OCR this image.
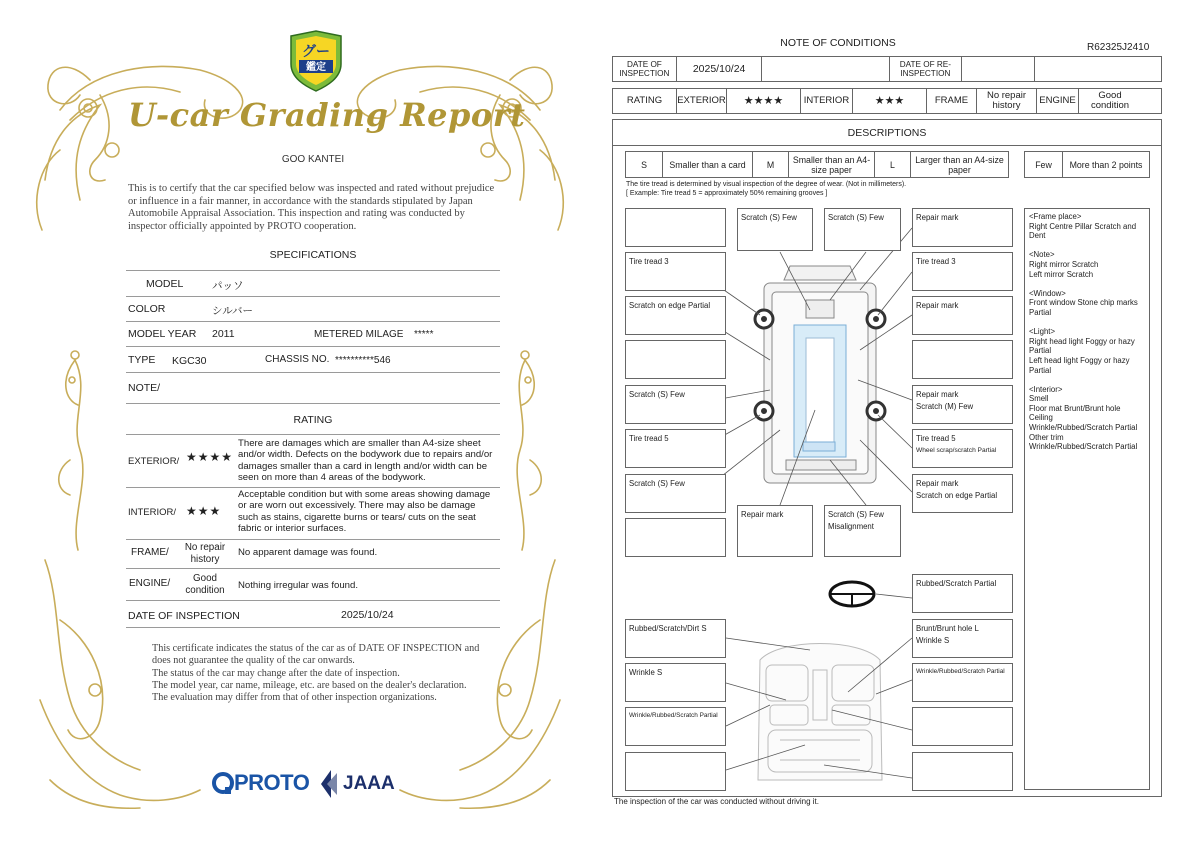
グー
鑑定
U-car Grading Report
GOO KANTEI
This is to certify that the car specified below was inspected and rated without prejudice or influence in a fair manner, in accordance with the standards stipulated by Japan Automobile Appraisal Association. This inspection and rating was conducted by inspector officially appointed by PROTO cooperation.
SPECIFICATIONS
MODEL	パッソ
COLOR	シルバー
MODEL YEAR 2011	METERED MILAGE *****
TYPE KGC30	CHASSIS NO. **********546
NOTE/
RATING
EXTERIOR/ ★★★★
There are damages which are smaller than A4-size sheet and/or width. Defects on the bodywork due to repairs and/or damages smaller than a card in length and/or width can be seen on more than 4 areas of the bodywork.
INTERIOR/ ★★★
Acceptable condition but with some areas showing damage or are worn out excessively. There may also be damage such as stains, cigarette burns or tears/ cuts on the seat fabric or interior surfaces.
FRAME/	No repair history
No apparent damage was found.
ENGINE/	Good condition	Nothing irregular was found.
DATE OF INSPECTION	2025/10/24
This certificate indicates the status of the car as of DATE OF INSPECTION and does not guarantee the quality of the car onwards.
The status of the car may change after the date of inspection.
The model year, car name, mileage, etc. are based on the dealer's declaration.
The evaluation may differ from that of other inspection organizations.
PROTO JAAA
NOTE OF CONDITIONS	R62325J2410
DATE OF INSPECTION	2025/10/24	DATE OF RE-INSPECTION
RATING	EXTERIOR	★★★★	INTERIOR	★★★	FRAME	No repair history	ENGINE	Good condition
DESCRIPTIONS
S	Smaller than a card	M	Smaller than an A4-size paper	L	Larger than an A4-size paper	Few	More than 2 points
The tire tread is determined by visual inspection of the degree of wear. (Not in millimeters).
[ Example: Tire tread 5 = approximately 50% remaining grooves ]
Scratch (S) Few	Scratch (S) Few	Repair mark
Tire tread 3	Tire tread 3
Scratch on edge Partial	Repair mark
Scratch (S) Few	Repair mark
Scratch (M) Few
Tire tread 5	Tire tread 5
Wheel scrap/scratch Partial
Scratch (S) Few	Repair mark
Scratch on edge Partial
Repair mark	Scratch (S) Few
Misalignment
Rubbed/Scratch Partial
Rubbed/Scratch/Dirt S	Brunt/Brunt hole L
Wrinkle S
Wrinkle S	Wrinkle/Rubbed/Scratch Partial
Wrinkle/Rubbed/Scratch Partial

<Frame place>
Right Centre Pillar Scratch and Dent

<Note>
Right mirror Scratch
Left mirror Scratch

<Window>
Front window Stone chip marks Partial

<Light>
Right head light Foggy or hazy Partial
Left head light Foggy or hazy Partial

<Interior>
Smell
Floor mat Brunt/Brunt hole
Ceiling
Wrinkle/Rubbed/Scratch Partial
Other trim
Wrinkle/Rubbed/Scratch Partial

The inspection of the car was conducted without driving it.
